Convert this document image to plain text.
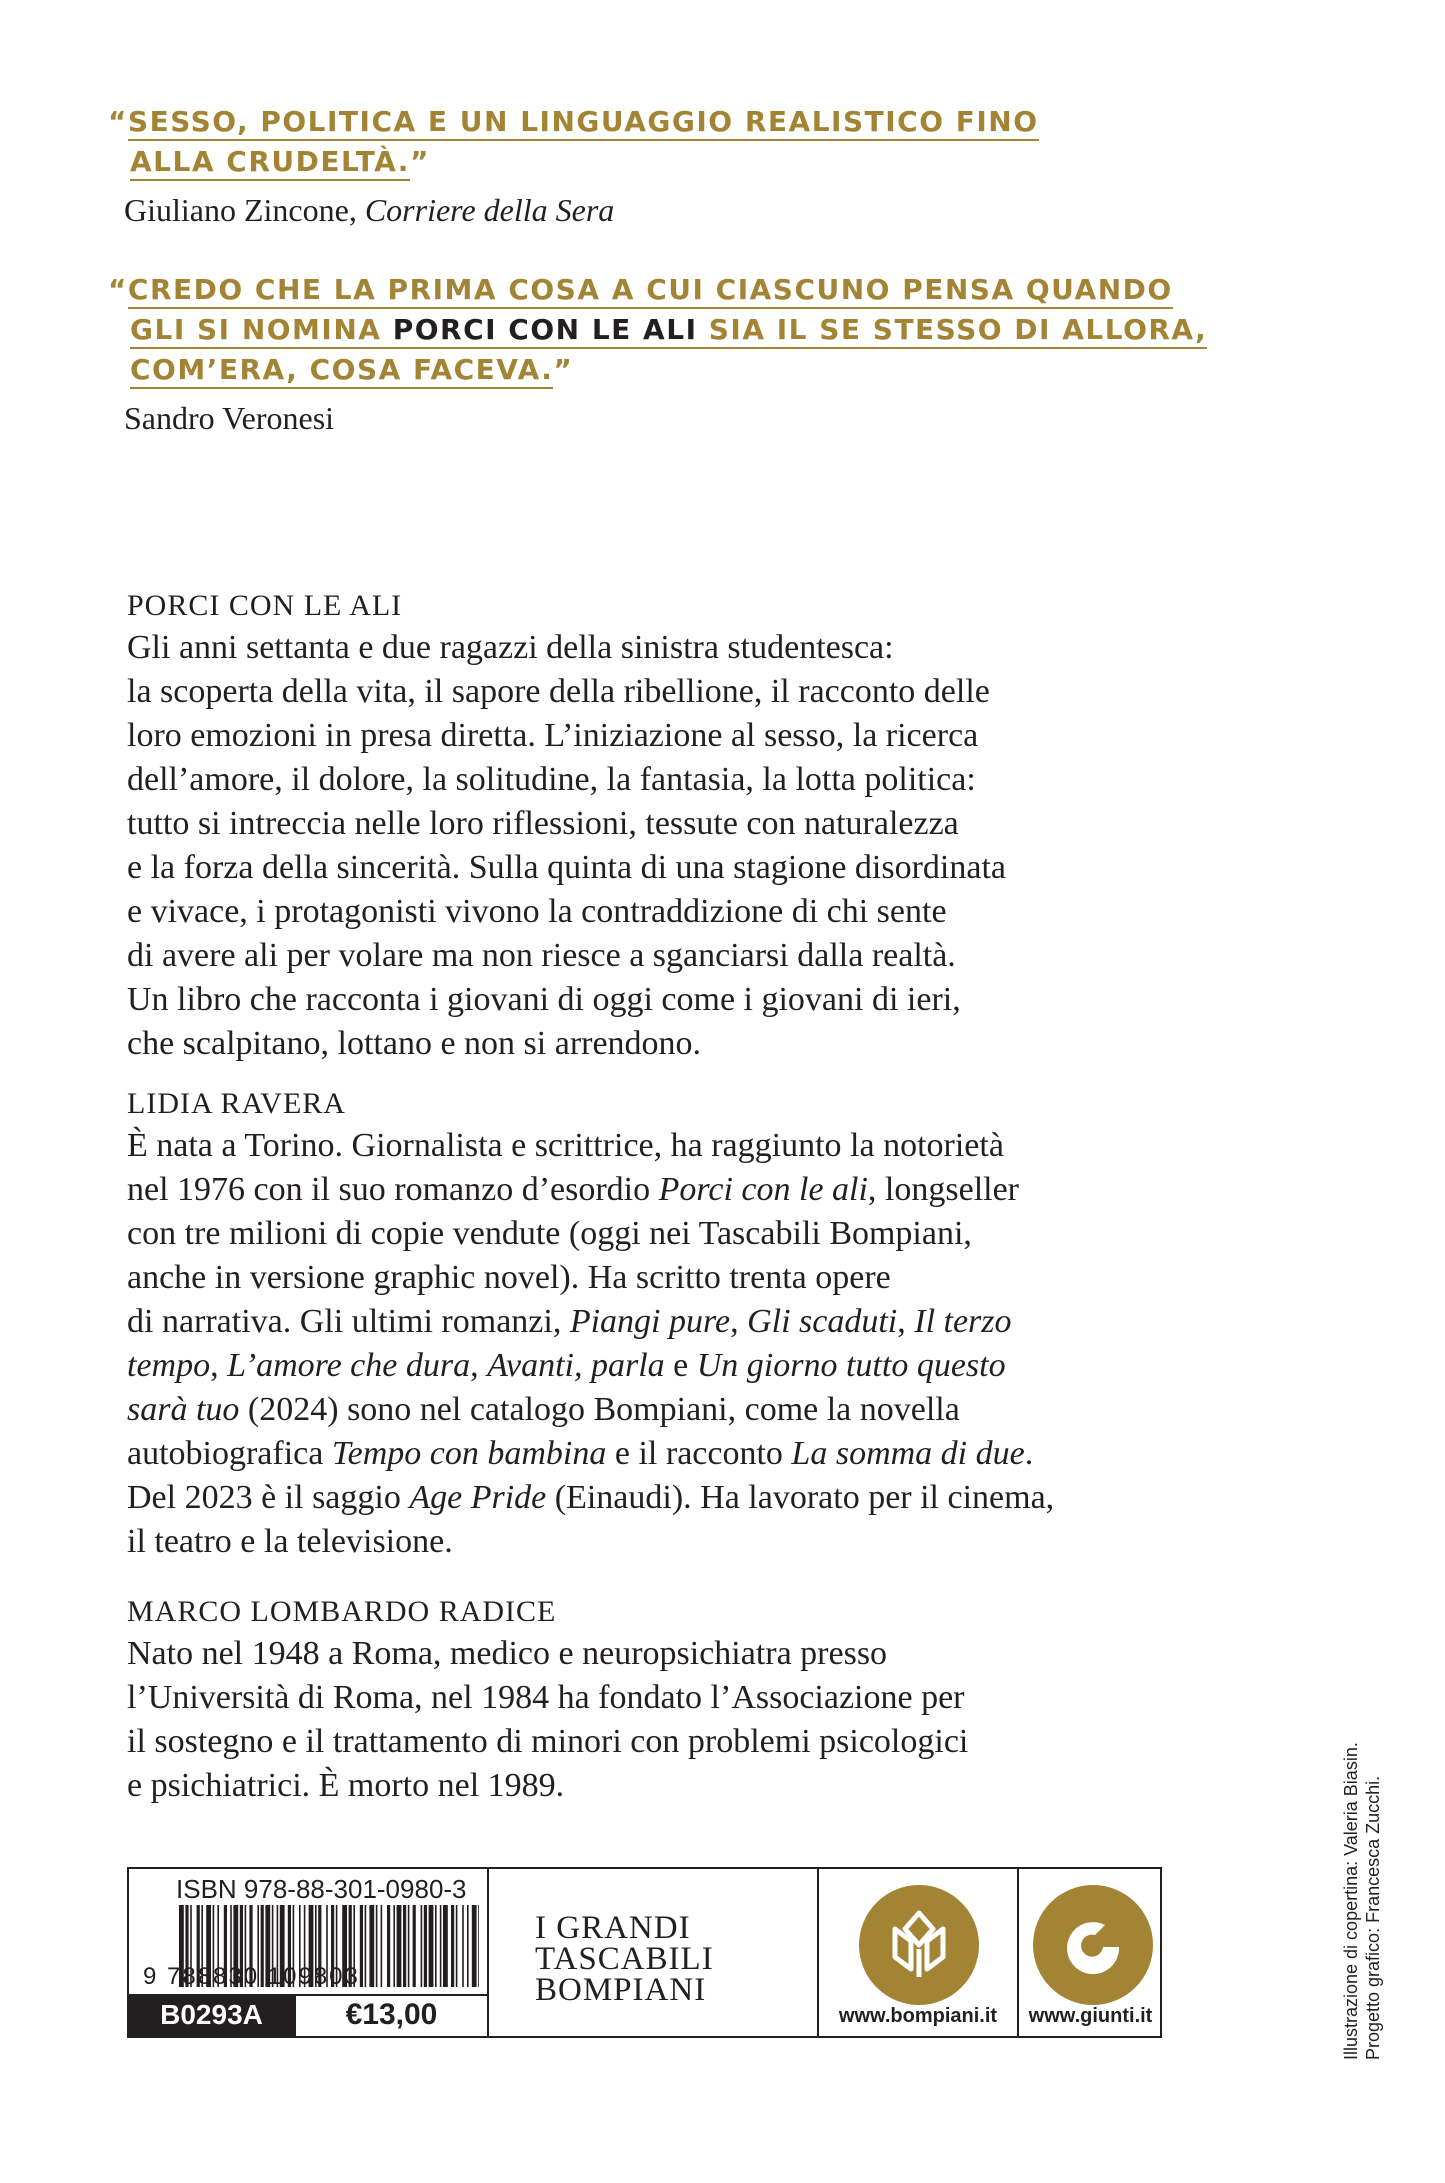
“SESSO, POLITICA E UN LINGUAGGIO REALISTICO FINO
ALLA CRUDELTÀ.”
Giuliano Zincone, Corriere della Sera
“CREDO CHE LA PRIMA COSA A CUI CIASCUNO PENSA QUANDO
GLI SI NOMINA PORCI CON LE ALI SIA IL SE STESSO DI ALLORA,
COM’ERA, COSA FACEVA.”
Sandro Veronesi

PORCI CON LE ALI

Gli anni settanta e due ragazzi della sinistra studentesca:
la scoperta della vita, il sapore della ribellione, il racconto delle
loro emozioni in presa diretta. L’iniziazione al sesso, la ricerca
dell’amore, il dolore, la solitudine, la fantasia, la lotta politica:
tutto si intreccia nelle loro riflessioni, tessute con naturalezza
e la forza della sincerità. Sulla quinta di una stagione disordinata
e vivace, i protagonisti vivono la contraddizione di chi sente
di avere ali per volare ma non riesce a sganciarsi dalla realtà.
Un libro che racconta i giovani di oggi come i giovani di ieri,
che scalpitano, lottano e non si arrendono.

LIDIA RAVERA

È nata a Torino. Giornalista e scrittrice, ha raggiunto la notorietà
nel 1976 con il suo romanzo d’esordio Porci con le ali, longseller
con tre milioni di copie vendute (oggi nei Tascabili Bompiani,
anche in versione graphic novel). Ha scritto trenta opere
di narrativa. Gli ultimi romanzi, Piangi pure, Gli scaduti, Il terzo
tempo, L’amore che dura, Avanti, parla e Un giorno tutto questo
sarà tuo (2024) sono nel catalogo Bompiani, come la novella
autobiografica Tempo con bambina e il racconto La somma di due.
Del 2023 è il saggio Age Pride (Einaudi). Ha lavorato per il cinema,
il teatro e la televisione.

MARCO LOMBARDO RADICE

Nato nel 1948 a Roma, medico e neuropsichiatra presso
l’Università di Roma, nel 1984 ha fondato l’Associazione per
il sostegno e il trattamento di minori con problemi psicologici
e psichiatrici. È morto nel 1989.	Illustrazione di copertina: Valeria Biasin. Progetto grafico: Francesca Zucchi.
ISBN 978-88-301-0980-3
9 788830 109803
B0293A	€13,00
I GRANDI
TASCABILI
BOMPIANI
www.bompiani.it	www.giunti.it
